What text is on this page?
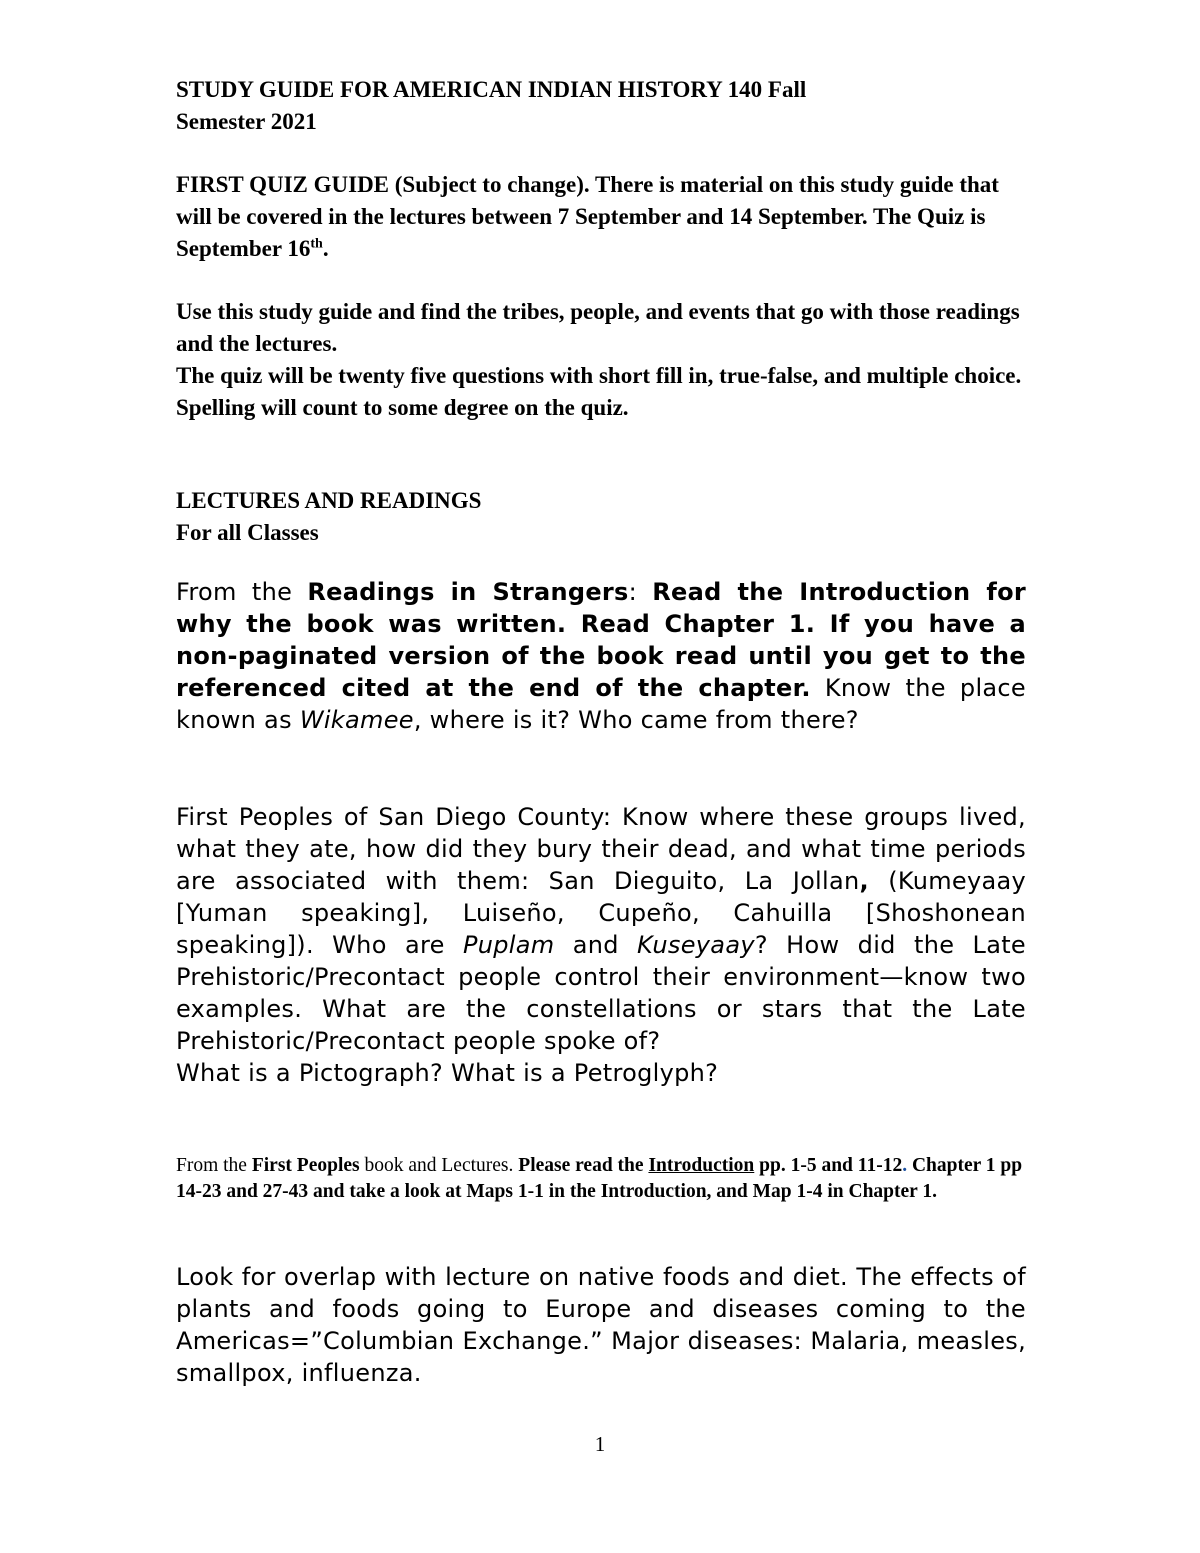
STUDY GUIDE FOR AMERICAN INDIAN HISTORY 140 Fall
Semester 2021
FIRST QUIZ GUIDE (Subject to change). There is material on this study guide that will be covered in the lectures between 7 September and 14 September. The Quiz is September 16th.

Use this study guide and find the tribes, people, and events that go with those readings and the lectures.

The quiz will be twenty five questions with short fill in, true-false, and multiple choice.

Spelling will count to some degree on the quiz.

LECTURES AND READINGS

For all Classes

From the Readings in Strangers: Read the Introduction for why the book was written. Read Chapter 1. If you have a non-paginated version of the book read until you get to the referenced cited at the end of the chapter. Know the place known as Wikamee, where is it? Who came from there?
First Peoples of San Diego County: Know where these groups lived, what they ate, how did they bury their dead, and what time periods are associated with them: San Dieguito, La Jollan, (Kumeyaay [Yuman speaking], Luiseño, Cupeño, Cahuilla [Shoshonean speaking]). Who are Puplam and Kuseyaay? How did the Late Prehistoric/Precontact people control their environment—know two examples. What are the constellations or stars that the Late Prehistoric/Precontact people spoke of?
What is a Pictograph? What is a Petroglyph?
From the First Peoples book and Lectures. Please read the Introduction pp. 1-5 and 11-12. Chapter 1 pp 14-23 and 27-43 and take a look at Maps 1-1 in the Introduction, and Map 1-4 in Chapter 1.
Look for overlap with lecture on native foods and diet. The effects of plants and foods going to Europe and diseases coming to the Americas=”Columbian Exchange.” Major diseases: Malaria, measles, smallpox, influenza.
1
